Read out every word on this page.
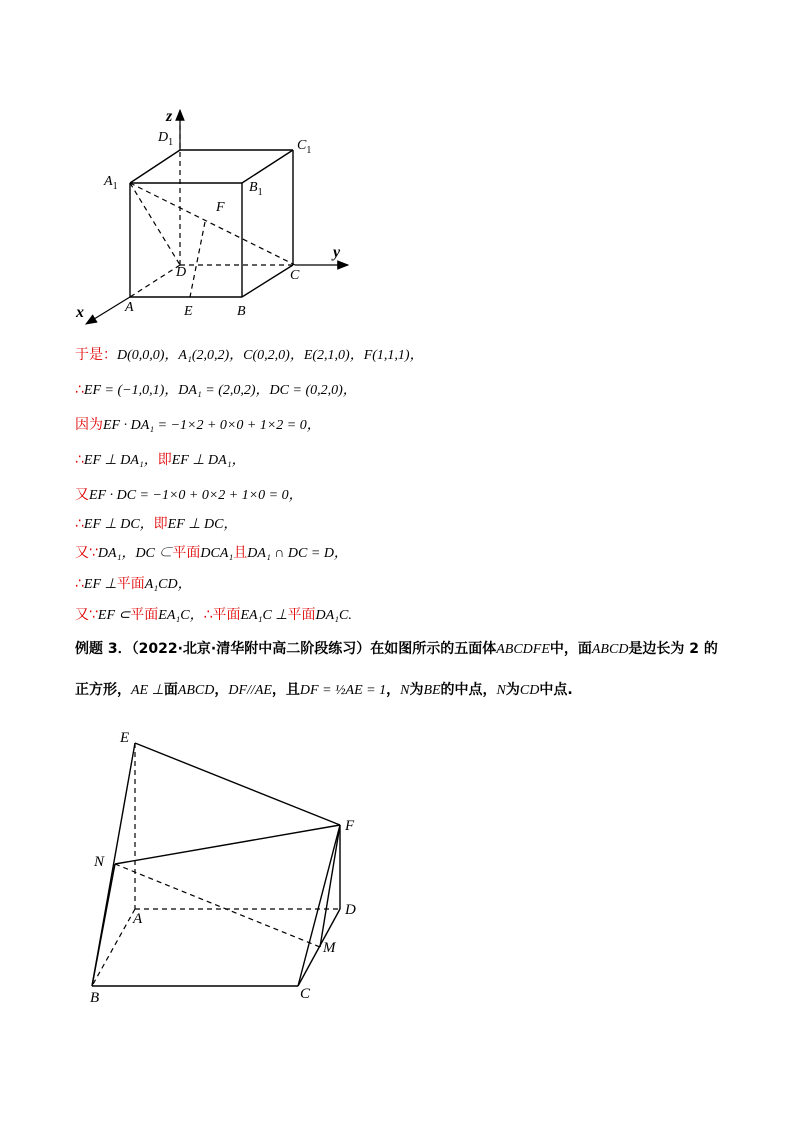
z
y
x
$D_1$	$C_1$
$A_1$	$B_1$
F
D	C
A	E	B
于是：D(0,0,0)，A₁(2,0,2)，C(0,2,0)，E(2,1,0)，F(1,1,1)，
∴EF = (−1,0,1)，DA₁ = (2,0,2)，DC = (0,2,0)，
因为EF · DA₁ = −1×2 + 0×0 + 1×2 = 0，
∴EF ⊥ DA₁，即EF ⊥ DA₁，
又EF · DC = −1×0 + 0×2 + 1×0 = 0，
∴EF ⊥ DC，即EF ⊥ DC，
又∵DA₁，DC ⊂平面DCA₁且DA₁ ∩ DC = D，
∴EF ⊥平面A₁CD，
又∵EF ⊂平面EA₁C，∴平面EA₁C ⊥平面DA₁C.
例题 3．（2022·北京·清华附中高二阶段练习）在如图所示的五面体ABCDFE中，面ABCD是边长为 2 的
正方形，AE ⊥面ABCD，DF//AE，且DF = ½AE = 1，N为BE的中点，N为CD中点.
E
F
N
A
D
M
B	C
